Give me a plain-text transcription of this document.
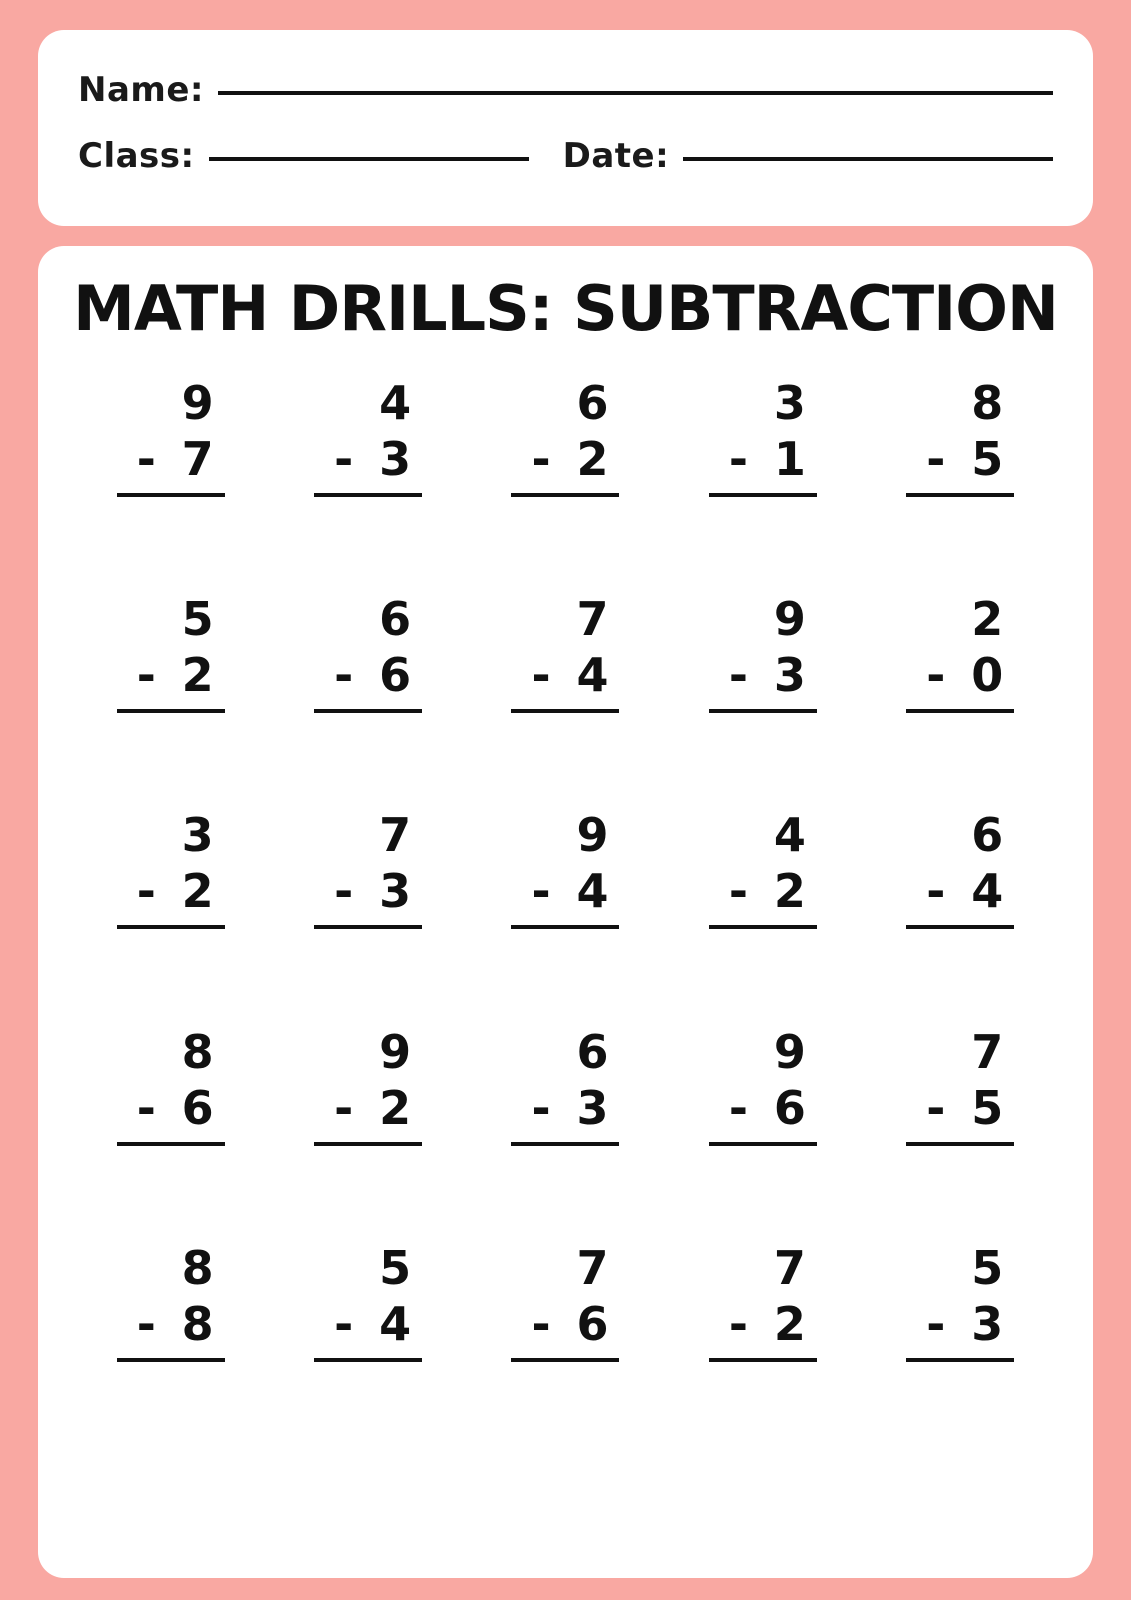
Name:
Class:	Date:
MATH DRILLS: SUBTRACTION
9
- 7
4
- 3
6
- 2
3
- 1
8
- 5
5
- 2
6
- 6
7
- 4
9
- 3
2
- 0
3
- 2
7
- 3
9
- 4
4
- 2
6
- 4
8
- 6
9
- 2
6
- 3
9
- 6
7
- 5
8
- 8
5
- 4
7
- 6
7
- 2
5
- 3
